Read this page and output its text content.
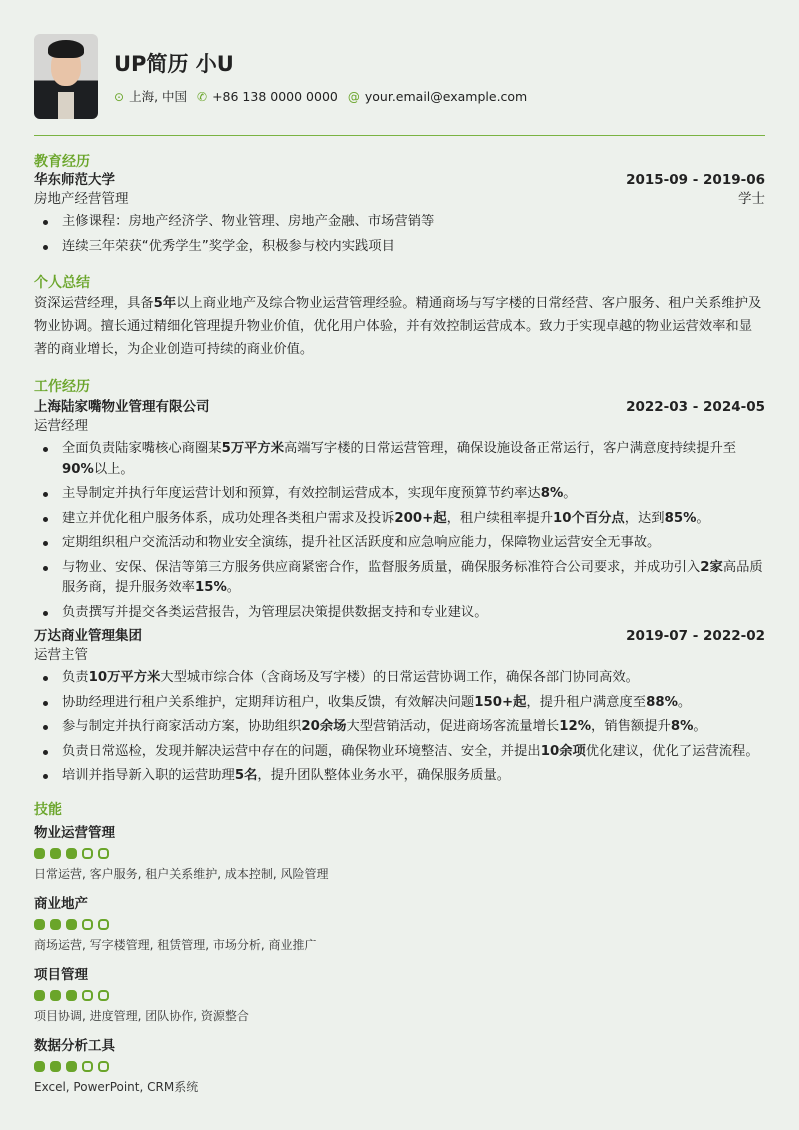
UP简历 小U
⊙ 上海, 中国 ✆ +86 138 0000 0000 @ your.email@example.com
教育经历
华东师范大学	2015-09 - 2019-06
房地产经营管理	学士
主修课程：房地产经济学、物业管理、房地产金融、市场营销等
连续三年荣获“优秀学生”奖学金，积极参与校内实践项目
个人总结
资深运营经理，具备5年以上商业地产及综合物业运营管理经验。精通商场与写字楼的日常经营、客户服务、租户关系维护及物业协调。擅长通过精细化管理提升物业价值，优化用户体验，并有效控制运营成本。致力于实现卓越的物业运营效率和显著的商业增长，为企业创造可持续的商业价值。
工作经历
上海陆家嘴物业管理有限公司	2022-03 - 2024-05
运营经理
全面负责陆家嘴核心商圈某5万平方米高端写字楼的日常运营管理，确保设施设备正常运行，客户满意度持续提升至90%以上。
主导制定并执行年度运营计划和预算，有效控制运营成本，实现年度预算节约率达8%。
建立并优化租户服务体系，成功处理各类租户需求及投诉200+起，租户续租率提升10个百分点，达到85%。
定期组织租户交流活动和物业安全演练，提升社区活跃度和应急响应能力，保障物业运营安全无事故。
与物业、安保、保洁等第三方服务供应商紧密合作，监督服务质量，确保服务标准符合公司要求，并成功引入2家高品质服务商，提升服务效率15%。
负责撰写并提交各类运营报告，为管理层决策提供数据支持和专业建议。
万达商业管理集团	2019-07 - 2022-02
运营主管
负责10万平方米大型城市综合体（含商场及写字楼）的日常运营协调工作，确保各部门协同高效。
协助经理进行租户关系维护，定期拜访租户，收集反馈，有效解决问题150+起，提升租户满意度至88%。
参与制定并执行商家活动方案，协助组织20余场大型营销活动，促进商场客流量增长12%，销售额提升8%。
负责日常巡检，发现并解决运营中存在的问题，确保物业环境整洁、安全，并提出10余项优化建议，优化了运营流程。
培训并指导新入职的运营助理5名，提升团队整体业务水平，确保服务质量。
技能
物业运营管理
日常运营, 客户服务, 租户关系维护, 成本控制, 风险管理
商业地产
商场运营, 写字楼管理, 租赁管理, 市场分析, 商业推广
项目管理
项目协调, 进度管理, 团队协作, 资源整合
数据分析工具
Excel, PowerPoint, CRM系统
